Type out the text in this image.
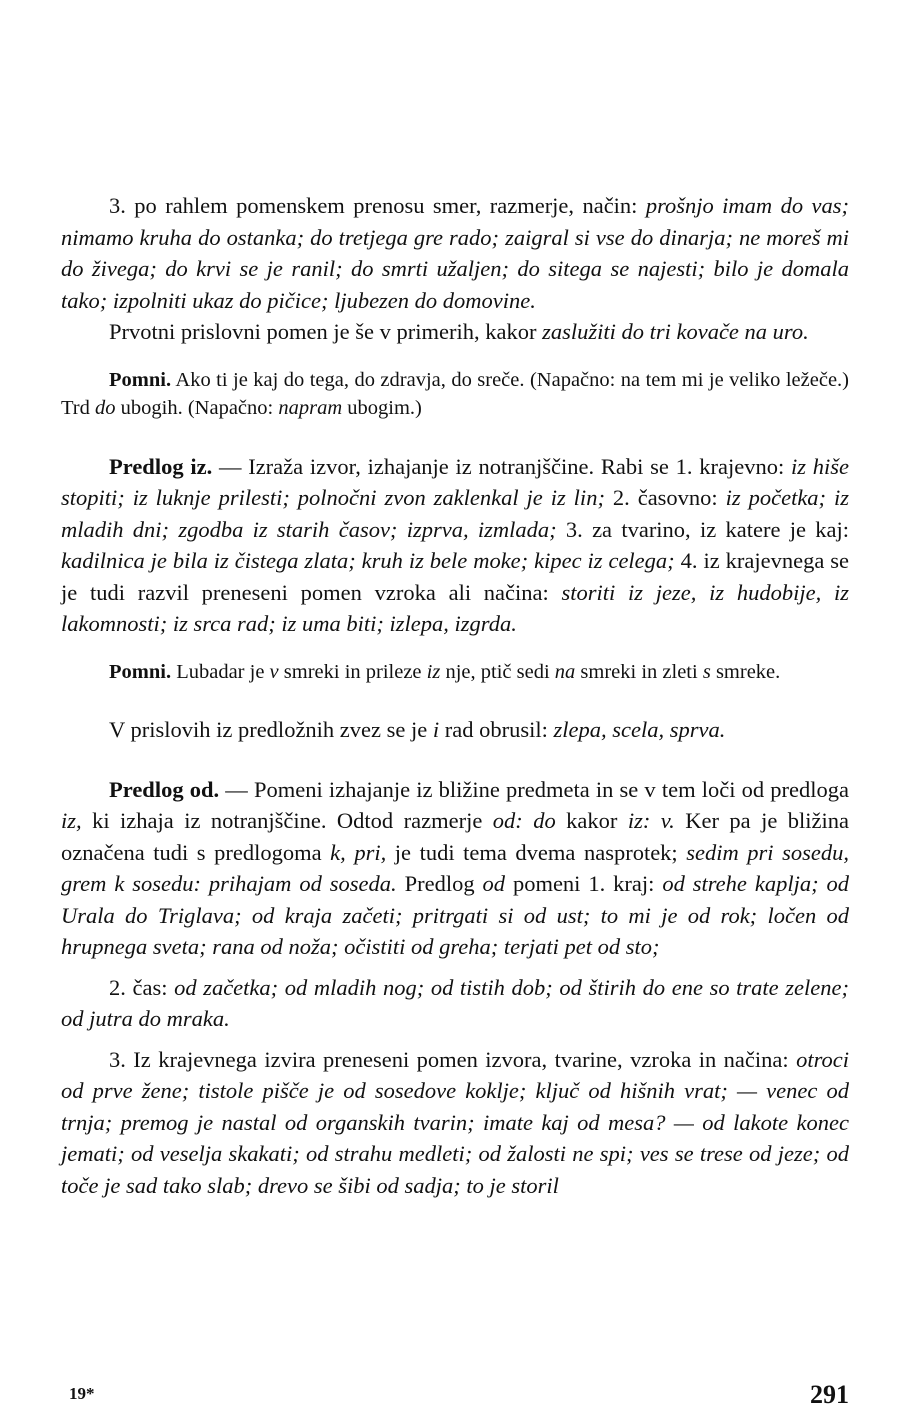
3. po rahlem pomenskem prenosu smer, razmerje, način: prošnjo imam do vas; nimamo kruha do ostanka; do tretjega gre rado; zaigral si vse do dinarja; ne moreš mi do živega; do krvi se je ranil; do smrti užaljen; do sitega se najesti; bilo je domala tako; izpolniti ukaz do pičice; ljubezen do domovine.

Prvotni prislovni pomen je še v primerih, kakor zaslužiti do tri kovače na uro.

Pomni. Ako ti je kaj do tega, do zdravja, do sreče. (Napačno: na tem mi je veliko ležeče.) Trd do ubogih. (Napačno: napram ubogim.)

Predlog iz. — Izraža izvor, izhajanje iz notranjščine. Rabi se 1. krajevno: iz hiše stopiti; iz luknje prilesti; polnočni zvon zaklenkal je iz lin; 2. časovno: iz početka; iz mladih dni; zgodba iz starih časov; izprva, izmlada; 3. za tvarino, iz katere je kaj: kadilnica je bila iz čistega zlata; kruh iz bele moke; kipec iz celega; 4. iz krajevnega se je tudi razvil preneseni pomen vzroka ali načina: storiti iz jeze, iz hudobije, iz lakomnosti; iz srca rad; iz uma biti; izlepa, izgrda.

Pomni. Lubadar je v smreki in prileze iz nje, ptič sedi na smreki in zleti s smreke.

V prislovih iz predložnih zvez se je i rad obrusil: zlepa, scela, sprva.

Predlog od. — Pomeni izhajanje iz bližine predmeta in se v tem loči od predloga iz, ki izhaja iz notranjščine. Odtod razmerje od: do kakor iz: v. Ker pa je bližina označena tudi s predlogoma k, pri, je tudi tema dvema nasprotek; sedim pri sosedu, grem k sosedu: prihajam od soseda. Predlog od pomeni 1. kraj: od strehe kaplja; od Urala do Triglava; od kraja začeti; pritrgati si od ust; to mi je od rok; ločen od hrupnega sveta; rana od noža; očistiti od greha; terjati pet od sto;

2. čas: od začetka; od mladih nog; od tistih dob; od štirih do ene so trate zelene; od jutra do mraka.

3. Iz krajevnega izvira preneseni pomen izvora, tvarine, vzroka in načina: otroci od prve žene; tistole pišče je od sosedove koklje; ključ od hišnih vrat; — venec od trnja; premog je nastal od organskih tvarin; imate kaj od mesa? — od lakote konec jemati; od veselja skakati; od strahu medleti; od žalosti ne spi; ves se trese od jeze; od toče je sad tako slab; drevo se šibi od sadja; to je storil

19*	291
